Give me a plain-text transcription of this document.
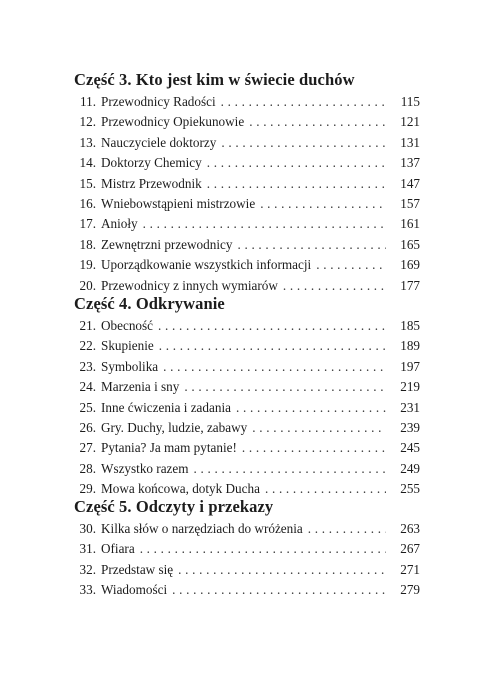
Część 3. Kto jest kim w świecie duchów
11. Przewodnicy Radości . . .	115
12. Przewodnicy Opiekunowie . . .	121
13. Nauczyciele doktorzy . . .	131
14. Doktorzy Chemicy . . .	137
15. Mistrz Przewodnik . . .	147
16. Wniebowstąpieni mistrzowie . . .	157
17. Anioły . . .	161
18. Zewnętrzni przewodnicy . . .	165
19. Uporządkowanie wszystkich informacji . . .	169
20. Przewodnicy z innych wymiarów . . .	177
Część 4. Odkrywanie
21. Obecność . . .	185
22. Skupienie . . .	189
23. Symbolika . . .	197
24. Marzenia i sny . . .	219
25. Inne ćwiczenia i zadania . . .	231
26. Gry. Duchy, ludzie, zabawy . . .	239
27. Pytania? Ja mam pytanie! . . .	245
28. Wszystko razem . . .	249
29. Mowa końcowa, dotyk Ducha . . .	255
Część 5. Odczyty i przekazy
30. Kilka słów o narzędziach do wróżenia . . .	263
31. Ofiara . . .	267
32. Przedstaw się . . .	271
33. Wiadomości . . .	279
